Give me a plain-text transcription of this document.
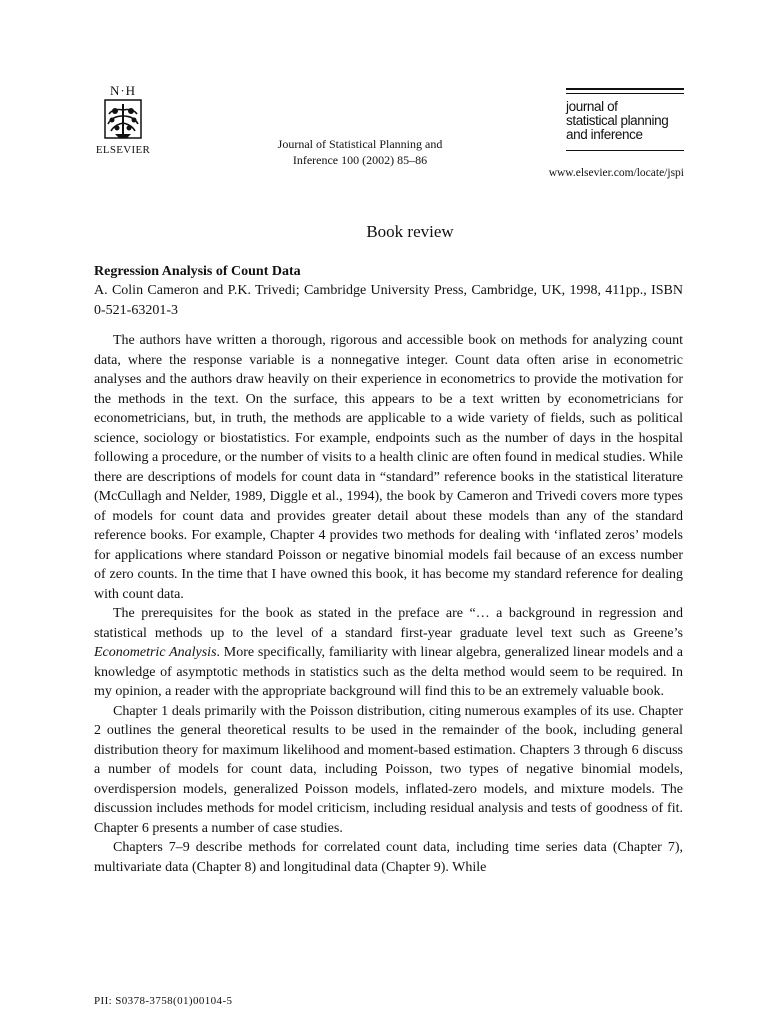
N·H
ELSEVIER	Journal of Statistical Planning and
Inference 100 (2002) 85–86
journal of
statistical planning
and inference
www.elsevier.com/locate/jspi
Book review
Regression Analysis of Count Data
A. Colin Cameron and P.K. Trivedi; Cambridge University Press, Cambridge, UK, 1998, 411pp., ISBN 0-521-63201-3

The authors have written a thorough, rigorous and accessible book on methods for analyzing count data, where the response variable is a nonnegative integer. Count data often arise in econometric analyses and the authors draw heavily on their experience in econometrics to provide the motivation for the methods in the text. On the surface, this appears to be a text written by econometricians for econometricians, but, in truth, the methods are applicable to a wide variety of fields, such as political science, sociology or biostatistics. For example, endpoints such as the number of days in the hospital following a procedure, or the number of visits to a health clinic are often found in medical studies. While there are descriptions of models for count data in “standard” reference books in the statistical literature (McCullagh and Nelder, 1989, Diggle et al., 1994), the book by Cameron and Trivedi covers more types of models for count data and provides greater detail about these models than any of the standard reference books. For example, Chapter 4 provides two methods for dealing with ‘inflated zeros’ models for applications where standard Poisson or negative binomial models fail because of an excess number of zero counts. In the time that I have owned this book, it has become my standard reference for dealing with count data.

The prerequisites for the book as stated in the preface are “… a background in regression and statistical methods up to the level of a standard first-year graduate level text such as Greene’s Econometric Analysis. More specifically, familiarity with linear algebra, generalized linear models and a knowledge of asymptotic methods in statistics such as the delta method would seem to be required. In my opinion, a reader with the appropriate background will find this to be an extremely valuable book.

Chapter 1 deals primarily with the Poisson distribution, citing numerous examples of its use. Chapter 2 outlines the general theoretical results to be used in the remainder of the book, including general distribution theory for maximum likelihood and moment-based estimation. Chapters 3 through 6 discuss a number of models for count data, including Poisson, two types of negative binomial models, overdispersion models, generalized Poisson models, inflated-zero models, and mixture models. The discussion includes methods for model criticism, including residual analysis and tests of goodness of fit. Chapter 6 presents a number of case studies.

Chapters 7–9 describe methods for correlated count data, including time series data (Chapter 7), multivariate data (Chapter 8) and longitudinal data (Chapter 9). While

PII: S0378-3758(01)00104-5
